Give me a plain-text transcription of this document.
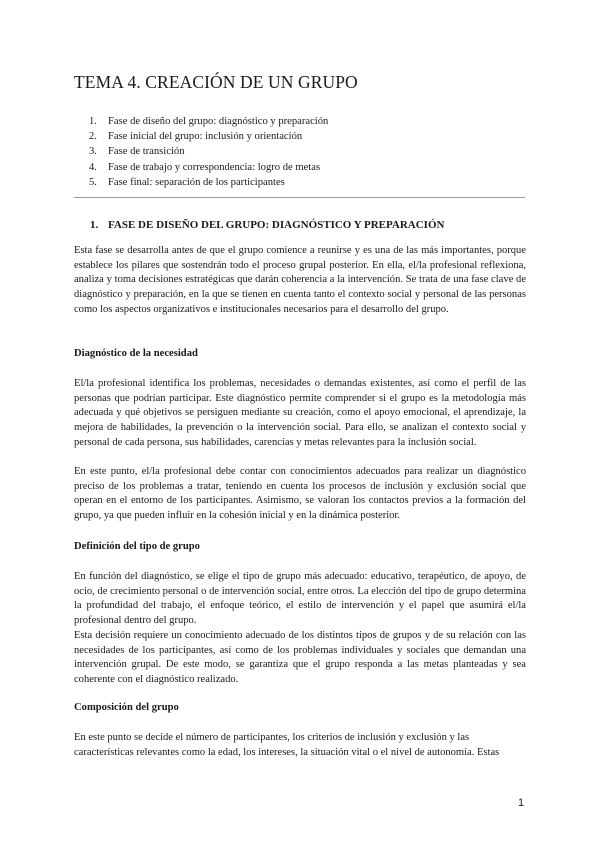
TEMA 4. CREACIÓN DE UN GRUPO
1. Fase de diseño del grupo: diagnóstico y preparación
2. Fase inicial del grupo: inclusión y orientación
3. Fase de transición
4. Fase de trabajo y correspondencia: logro de metas
5. Fase final: separación de los participantes
1. FASE DE DISEÑO DEL GRUPO: DIAGNÓSTICO Y PREPARACIÓN

Esta fase se desarrolla antes de que el grupo comience a reunirse y es una de las más importantes, porque establece los pilares que sostendrán todo el proceso grupal posterior. En ella, el/la profesional reflexiona, analiza y toma decisiones estratégicas que darán coherencia a la intervención. Se trata de una fase clave de diagnóstico y preparación, en la que se tienen en cuenta tanto el contexto social y personal de las personas como los aspectos organizativos e institucionales necesarios para el desarrollo del grupo.

Diagnóstico de la necesidad

El/la profesional identifica los problemas, necesidades o demandas existentes, así como el perfil de las personas que podrían participar. Este diagnóstico permite comprender si el grupo es la metodología más adecuada y qué objetivos se persiguen mediante su creación, como el apoyo emocional, el aprendizaje, la mejora de habilidades, la prevención o la intervención social. Para ello, se analizan el contexto social y personal de cada persona, sus habilidades, carencias y metas relevantes para la inclusión social.

En este punto, el/la profesional debe contar con conocimientos adecuados para realizar un diagnóstico preciso de los problemas a tratar, teniendo en cuenta los procesos de inclusión y exclusión social que operan en el entorno de los participantes. Asimismo, se valoran los contactos previos a la formación del grupo, ya que pueden influir en la cohesión inicial y en la dinámica posterior.

Definición del tipo de grupo

En función del diagnóstico, se elige el tipo de grupo más adecuado: educativo, terapéutico, de apoyo, de ocio, de crecimiento personal o de intervención social, entre otros. La elección del tipo de grupo determina la profundidad del trabajo, el enfoque teórico, el estilo de intervención y el papel que asumirá el/la profesional dentro del grupo.

Esta decisión requiere un conocimiento adecuado de los distintos tipos de grupos y de su relación con las necesidades de los participantes, así como de los problemas individuales y sociales que demandan una intervención grupal. De este modo, se garantiza que el grupo responda a las metas planteadas y sea coherente con el diagnóstico realizado.

Composición del grupo

En este punto se decide el número de participantes, los criterios de inclusión y exclusión y las características relevantes como la edad, los intereses, la situación vital o el nivel de autonomía. Estas

1
